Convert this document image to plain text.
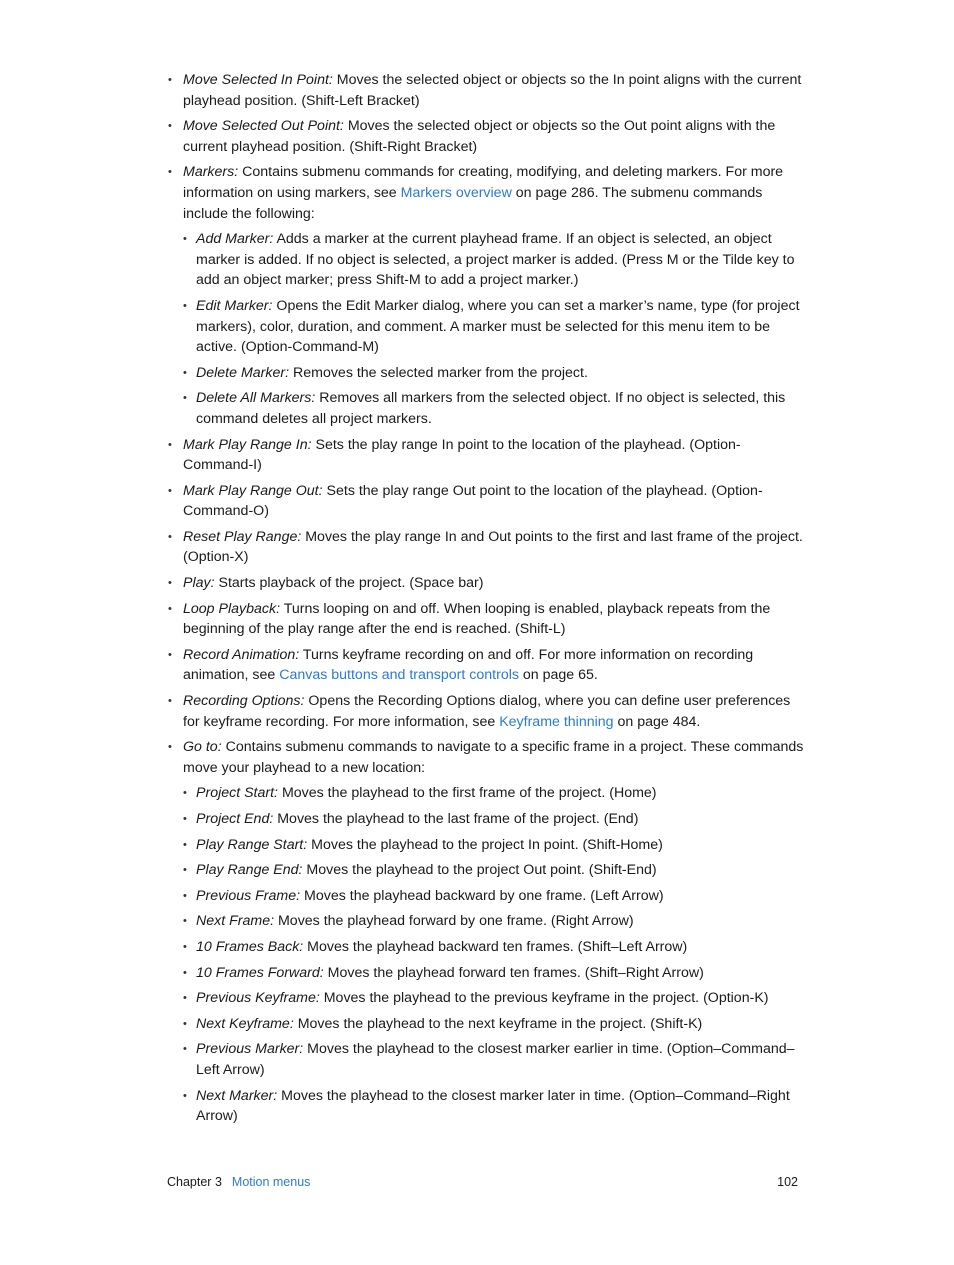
• Move Selected In Point: Moves the selected object or objects so the In point aligns with the current playhead position. (Shift-Left Bracket)
• Move Selected Out Point: Moves the selected object or objects so the Out point aligns with the current playhead position. (Shift-Right Bracket)
• Markers: Contains submenu commands for creating, modifying, and deleting markers. For more information on using markers, see Markers overview on page 286. The submenu commands include the following:
• Add Marker: Adds a marker at the current playhead frame. If an object is selected, an object marker is added. If no object is selected, a project marker is added. (Press M or the Tilde key to add an object marker; press Shift-M to add a project marker.)
• Edit Marker: Opens the Edit Marker dialog, where you can set a marker’s name, type (for project markers), color, duration, and comment. A marker must be selected for this menu item to be active. (Option-Command-M)
• Delete Marker: Removes the selected marker from the project.
• Delete All Markers: Removes all markers from the selected object. If no object is selected, this command deletes all project markers.
• Mark Play Range In: Sets the play range In point to the location of the playhead. (Option-Command-I)
• Mark Play Range Out: Sets the play range Out point to the location of the playhead. (Option-Command-O)
• Reset Play Range: Moves the play range In and Out points to the first and last frame of the project. (Option-X)
• Play: Starts playback of the project. (Space bar)
• Loop Playback: Turns looping on and off. When looping is enabled, playback repeats from the beginning of the play range after the end is reached. (Shift-L)
• Record Animation: Turns keyframe recording on and off. For more information on recording animation, see Canvas buttons and transport controls on page 65.
• Recording Options: Opens the Recording Options dialog, where you can define user preferences for keyframe recording. For more information, see Keyframe thinning on page 484.
• Go to: Contains submenu commands to navigate to a specific frame in a project. These commands move your playhead to a new location:
• Project Start: Moves the playhead to the first frame of the project. (Home)
• Project End: Moves the playhead to the last frame of the project. (End)
• Play Range Start: Moves the playhead to the project In point. (Shift-Home)
• Play Range End: Moves the playhead to the project Out point. (Shift-End)
• Previous Frame: Moves the playhead backward by one frame. (Left Arrow)
• Next Frame: Moves the playhead forward by one frame. (Right Arrow)
• 10 Frames Back: Moves the playhead backward ten frames. (Shift–Left Arrow)
• 10 Frames Forward: Moves the playhead forward ten frames. (Shift–Right Arrow)
• Previous Keyframe: Moves the playhead to the previous keyframe in the project. (Option-K)
• Next Keyframe: Moves the playhead to the next keyframe in the project. (Shift-K)
• Previous Marker: Moves the playhead to the closest marker earlier in time. (Option–Command–Left Arrow)
• Next Marker: Moves the playhead to the closest marker later in time. (Option–Command–Right Arrow)
Chapter 3 Motion menus	102
